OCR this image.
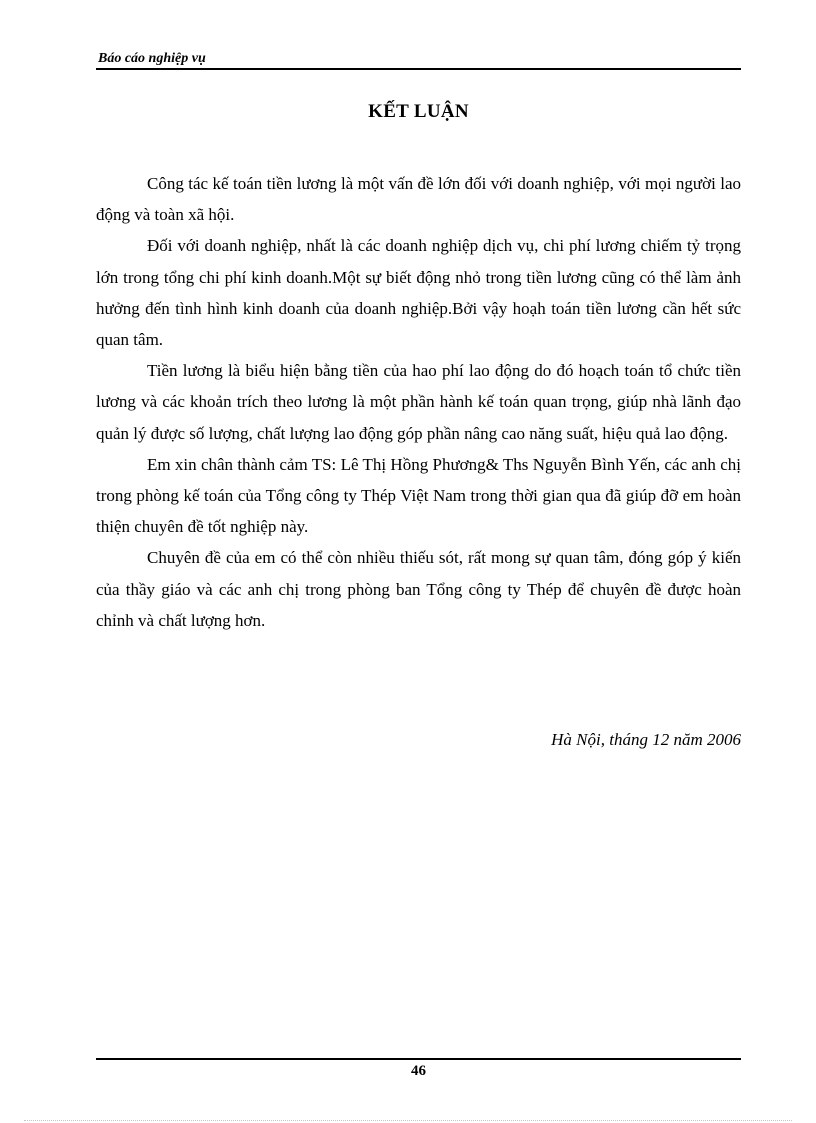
Báo cáo nghiệp vụ
KẾT LUẬN

Công tác kế toán tiền lương là một vấn đề lớn đối với doanh nghiệp, với mọi người lao động và toàn xã hội.

Đối với doanh nghiệp, nhất là các doanh nghiệp dịch vụ, chi phí lương chiếm tỷ trọng lớn trong tổng chi phí kinh doanh.Một sự biết động nhỏ trong tiền lương cũng có thể làm ảnh hưởng đến tình hình kinh doanh của doanh nghiệp.Bởi vậy hoạh toán tiền lương cần hết sức quan tâm.

Tiền lương là biểu hiện bằng tiền của hao phí lao động do đó hoạch toán tổ chức tiền lương và các khoản trích theo lương là một phần hành kế toán quan trọng, giúp nhà lãnh đạo quản lý được số lượng, chất lượng lao động góp phần nâng cao năng suất, hiệu quả lao động.

Em xin chân thành cảm TS: Lê Thị Hồng Phương& Ths Nguyễn Bình Yến, các anh chị trong phòng kế toán của Tổng công ty Thép Việt Nam trong thời gian qua đã giúp đỡ em hoàn thiện chuyên đề tốt nghiệp này.

Chuyên đề của em có thể còn nhiều thiếu sót, rất mong sự quan tâm, đóng góp ý kiến của thầy giáo và các anh chị trong phòng ban Tổng công ty Thép để chuyên đề được hoàn chỉnh và chất lượng hơn.

Hà Nội, tháng 12 năm 2006
46
